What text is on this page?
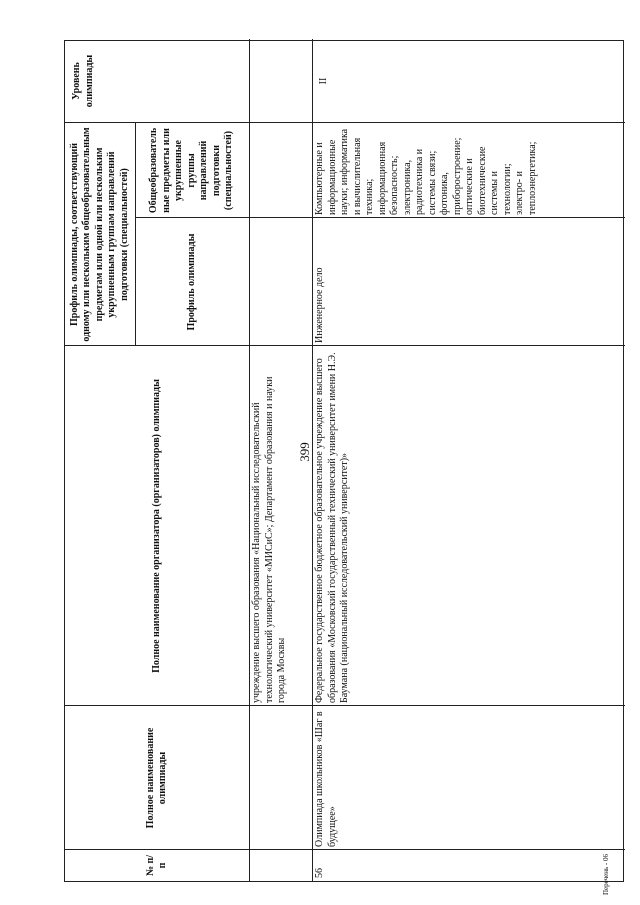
399
№ п/п
Полное наименование олимпиады
Полное наименование организатора (организаторов) олимпиады
Профиль олимпиады, соответствующий одному или нескольким общеобразовательным предметам или одной или нескольким укрупненным группам направлений подготовки (специальностей)	Профиль олимпиады
Общеобразователь ные предметы или укрупненные группы направлений подготовки (специальностей)
Уровень олимпиады
учреждение высшего образования «Национальный исследовательский технологический университет «МИСиС»; Департамент образования и науки города Москвы
56
Олимпиада школьников «Шаг в будущее»
Федеральное государственное бюджетное образовательное учреждение высшего образования «Московский государственный технический университет имени Н.Э. Баумана (национальный исследовательский университет)»
Инженерное дело
Компьютерные и информационные науки; информатика и вычислительная техника; информационная безопасность; электроника, радиотехника и системы связи; фотоника, приборостроение; оптические и биотехнические системы и технологии; электро- и теплоэнергетика;
II
Перечень - 06
